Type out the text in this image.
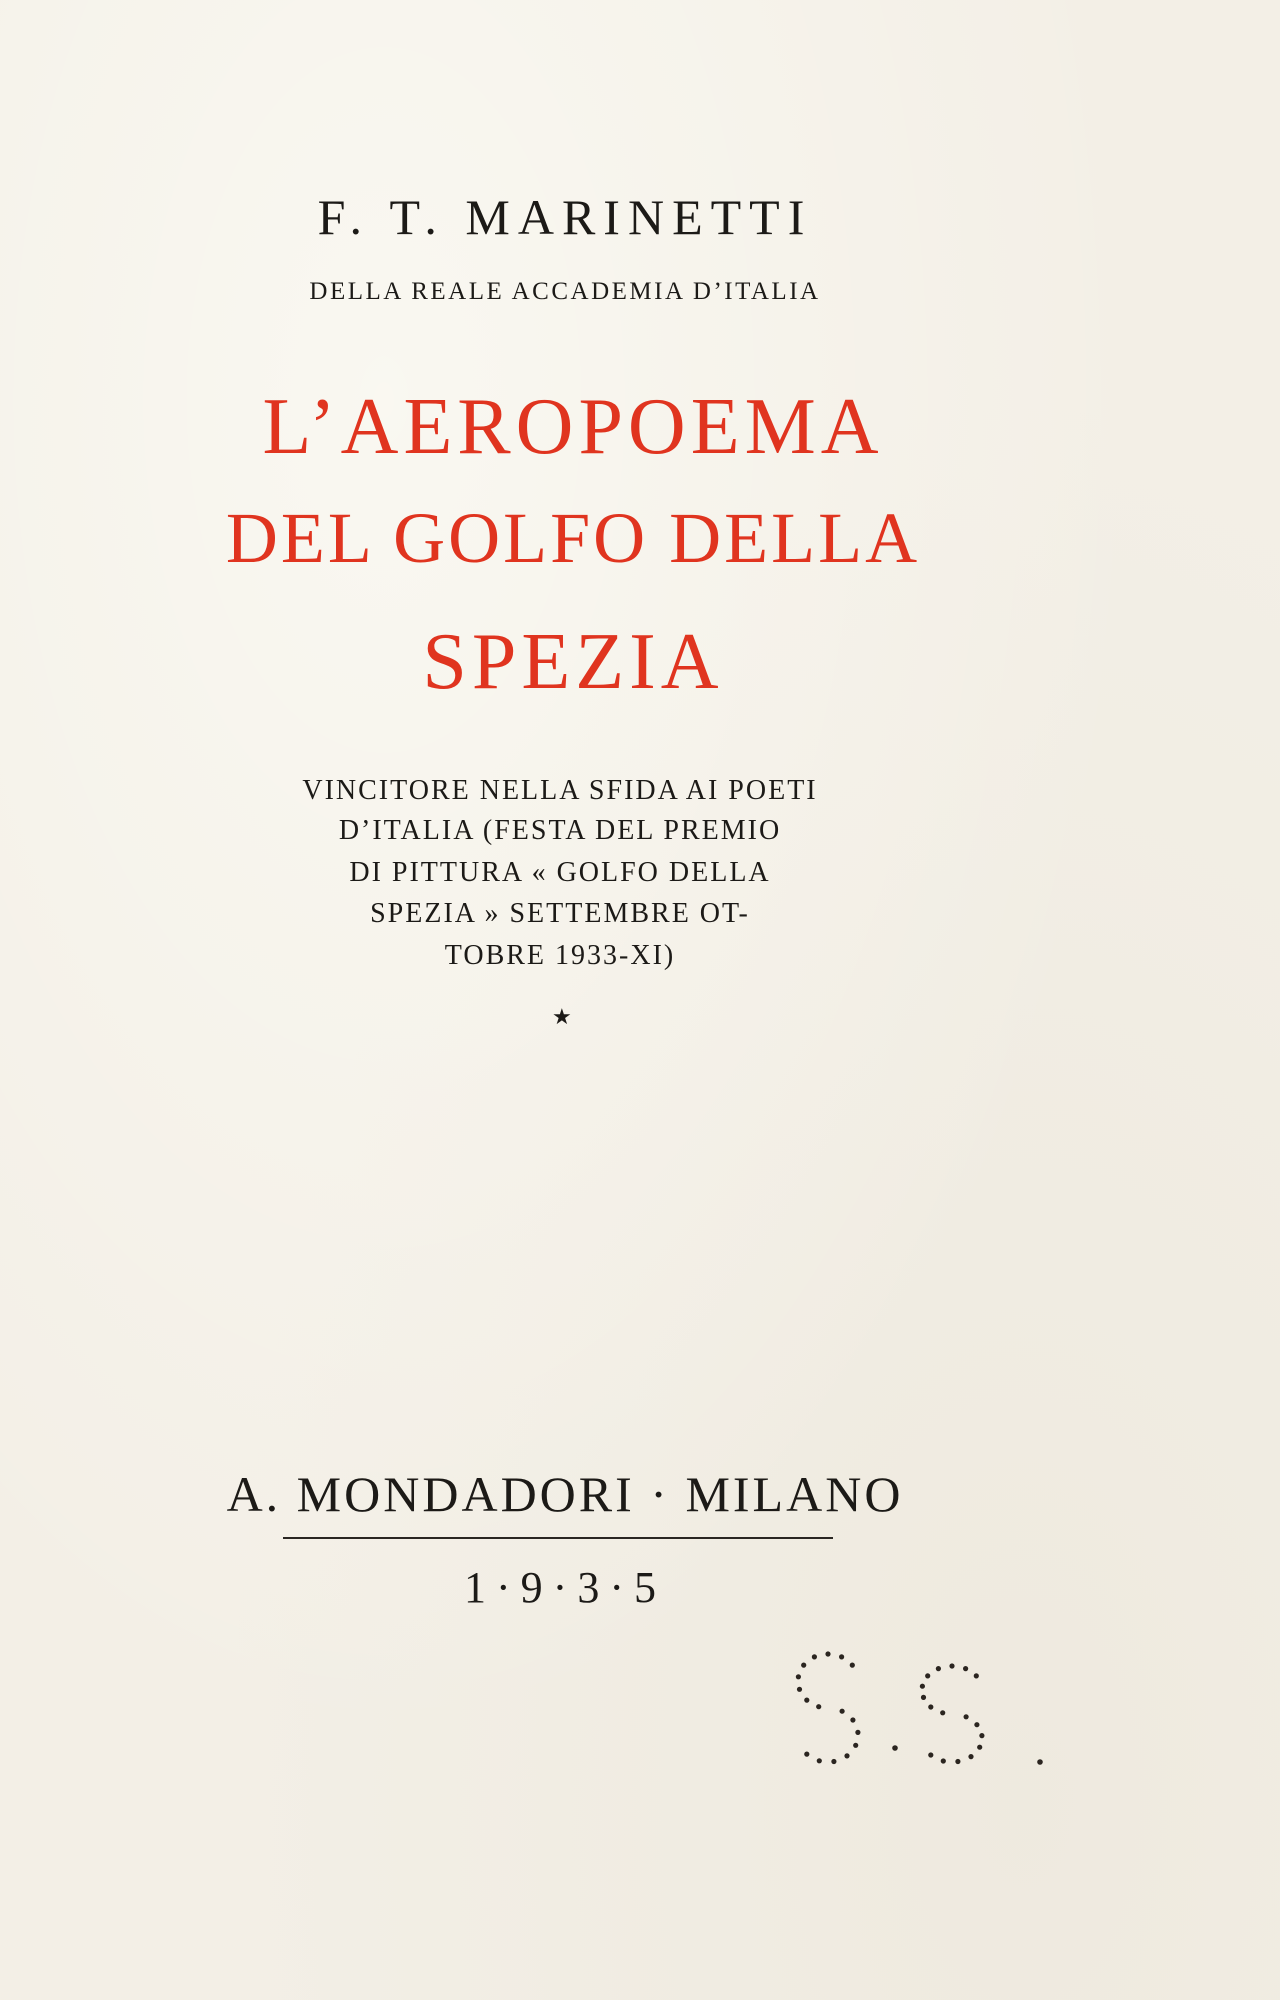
F. T. MARINETTI
DELLA REALE ACCADEMIA D’ITALIA
L’AEROPOEMA
DEL GOLFO DELLA
SPEZIA
VINCITORE NELLA SFIDA AI POETI
D’ITALIA (FESTA DEL PREMIO
DI PITTURA « GOLFO DELLA
SPEZIA » SETTEMBRE OT-
TOBRE 1933-XI)
★
A. MONDADORI · MILANO
1·9·3·5
